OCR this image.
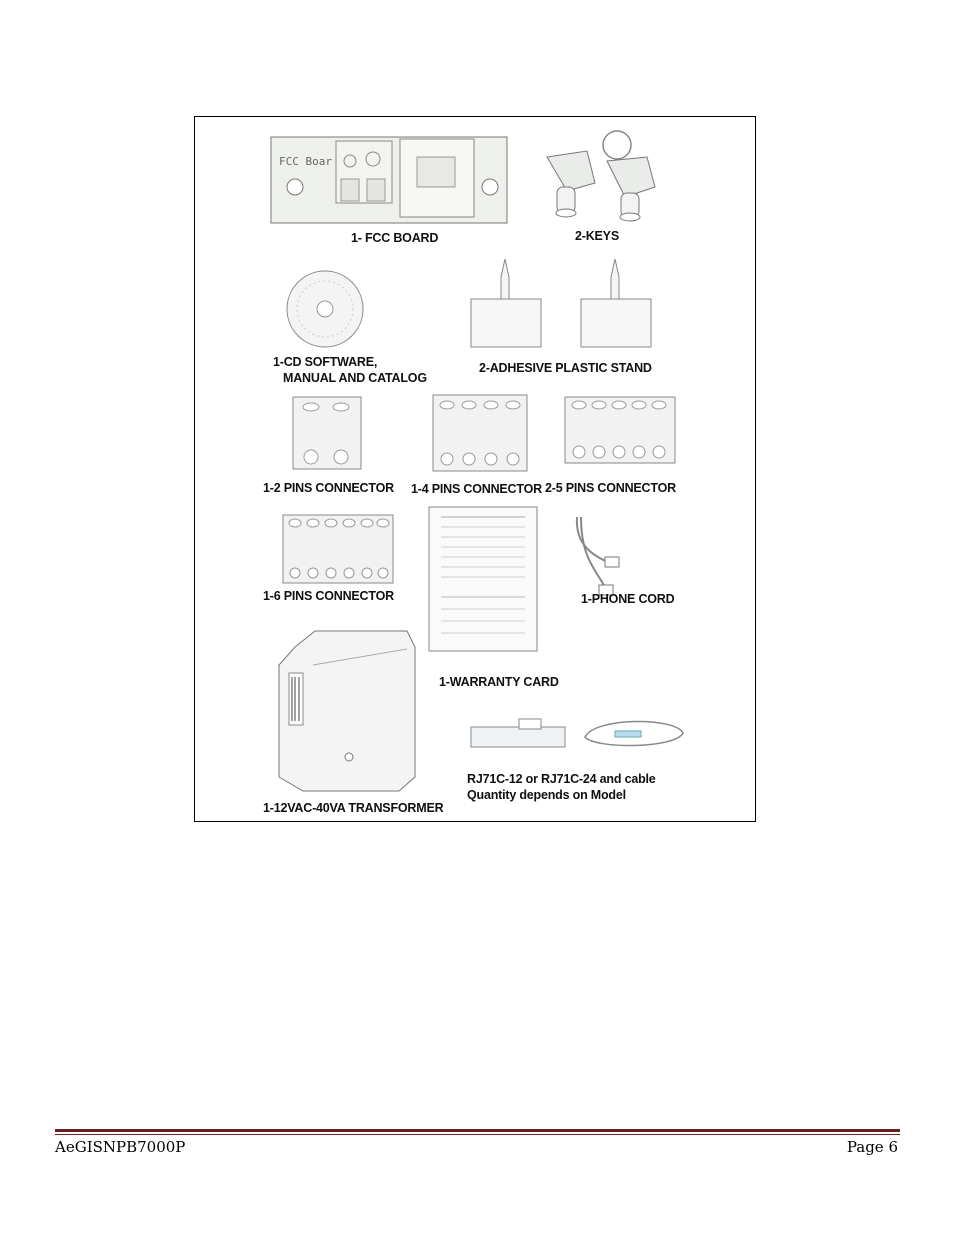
FCC Boar
1- FCC BOARD	2-KEYS
1-CD SOFTWARE,
MANUAL AND CATALOG
2-ADHESIVE PLASTIC STAND
1-2 PINS CONNECTOR 1-4 PINS CONNECTOR 2-5 PINS CONNECTOR
1-6 PINS CONNECTOR	1-PHONE CORD
1-WARRANTY CARD
1-12VAC-40VA TRANSFORMER
RJ71C-12 or RJ71C-24 and cable
Quantity depends on Model
AeGISNPB7000P	Page 6
